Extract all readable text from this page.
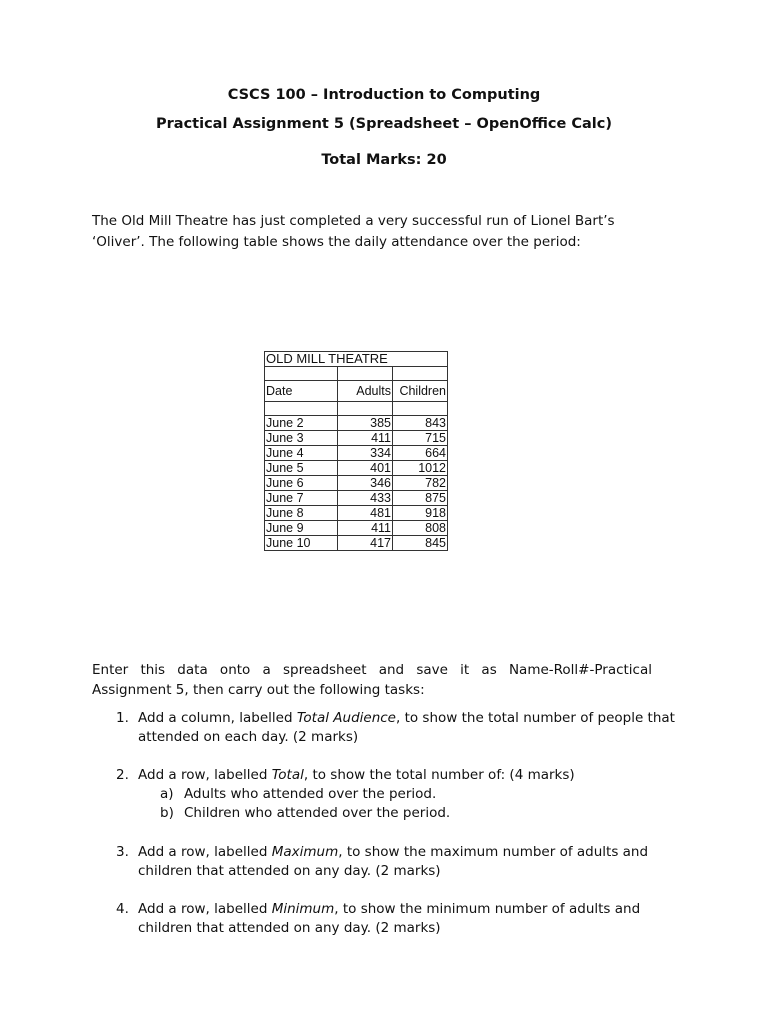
CSCS 100 – Introduction to Computing
Practical Assignment 5 (Spreadsheet – OpenOffice Calc)
Total Marks: 20
The Old Mill Theatre has just completed a very successful run of Lionel Bart’s ‘Oliver’. The following table shows the daily attendance over the period:
OLD MILL THEATRE		

Date	Adults	Children

June 2	385	843
June 3	411	715
June 4	334	664
June 5	401	1012
June 6	346	782
June 7	433	875
June 8	481	918
June 9	411	808
June 10	417	845
Enter this data onto a spreadsheet and save it as Name-Roll#-Practical Assignment 5, then carry out the following tasks:
1. Add a column, labelled Total Audience, to show the total number of people that attended on each day. (2 marks)
2. Add a row, labelled Total, to show the total number of: (4 marks)
a) Adults who attended over the period.
b) Children who attended over the period.
3. Add a row, labelled Maximum, to show the maximum number of adults and children that attended on any day. (2 marks)
4. Add a row, labelled Minimum, to show the minimum number of adults and children that attended on any day. (2 marks)
